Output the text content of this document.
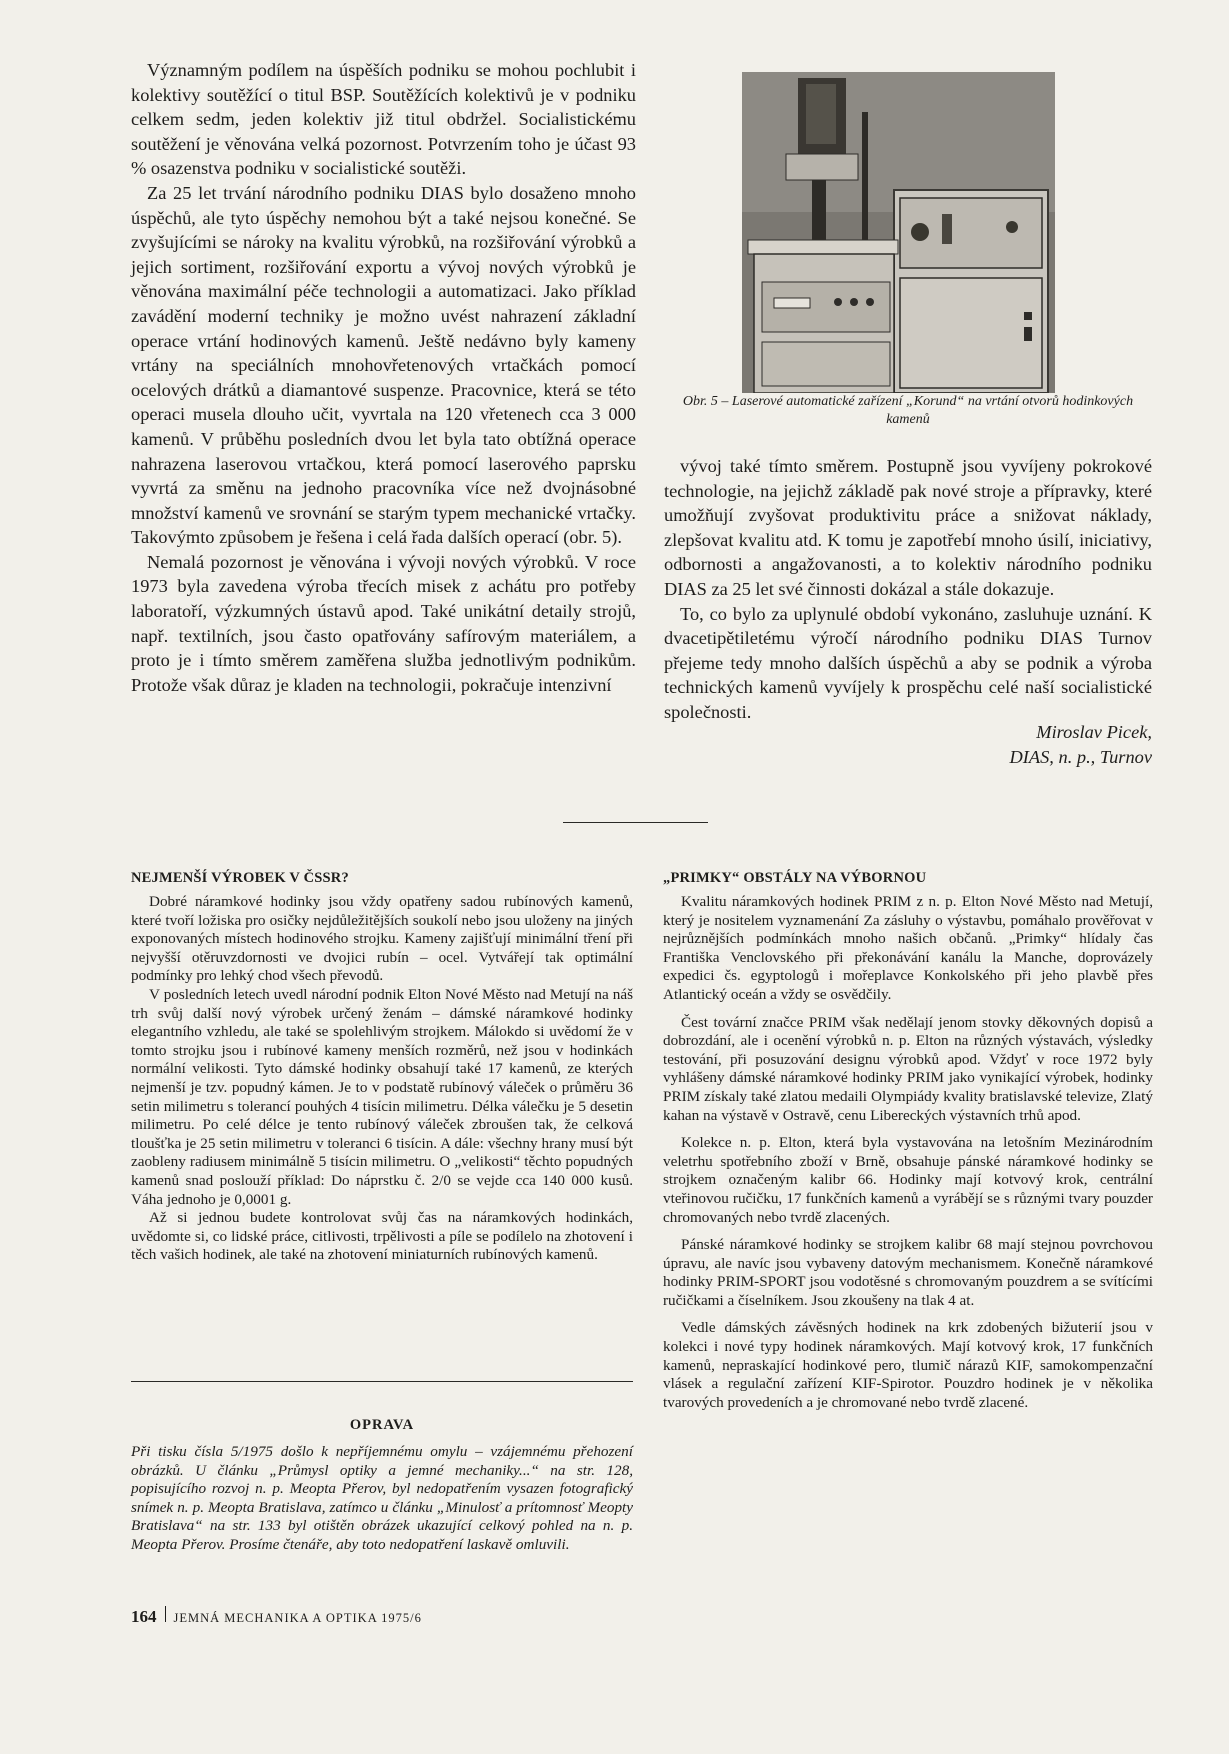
Významným podílem na úspěších podniku se mohou pochlubit i kolektivy soutěžící o titul BSP. Soutěžících kolektivů je v podniku celkem sedm, jeden kolektiv již titul obdržel. Socialistickému soutěžení je věnována velká pozornost. Potvrzením toho je účast 93 % osazenstva podniku v socialistické soutěži.

Za 25 let trvání národního podniku DIAS bylo dosaženo mnoho úspěchů, ale tyto úspěchy nemohou být a také nejsou konečné. Se zvyšujícími se nároky na kvalitu výrobků, na rozšiřování výrobků a jejich sortiment, rozšiřování exportu a vývoj nových výrobků je věnována maximální péče technologii a automatizaci. Jako příklad zavádění moderní techniky je možno uvést nahrazení základní operace vrtání hodinových kamenů. Ještě nedávno byly kameny vrtány na speciálních mnohovřetenových vrtačkách pomocí ocelových drátků a diamantové suspenze. Pracovnice, která se této operaci musela dlouho učit, vyvrtala na 120 vřetenech cca 3 000 kamenů. V průběhu posledních dvou let byla tato obtížná operace nahrazena laserovou vrtačkou, která pomocí laserového paprsku vyvrtá za směnu na jednoho pracovníka více než dvojnásobné množství kamenů ve srovnání se starým typem mechanické vrtačky. Takovýmto způsobem je řešena i celá řada dalších operací (obr. 5).

Nemalá pozornost je věnována i vývoji nových výrobků. V roce 1973 byla zavedena výroba třecích misek z achátu pro potřeby laboratoří, výzkumných ústavů apod. Také unikátní detaily strojů, např. textilních, jsou často opatřovány safírovým materiálem, a proto je i tímto směrem zaměřena služba jednotlivým podnikům. Protože však důraz je kladen na technologii, pokračuje intenzivní

Obr. 5 – Laserové automatické zařízení „Korund“ na vrtání otvorů hodinkových kamenů

vývoj také tímto směrem. Postupně jsou vyvíjeny pokrokové technologie, na jejichž základě pak nové stroje a přípravky, které umožňují zvyšovat produktivitu práce a snižovat náklady, zlepšovat kvalitu atd. K tomu je zapotřebí mnoho úsilí, iniciativy, odbornosti a angažovanosti, a to kolektiv národního podniku DIAS za 25 let své činnosti dokázal a stále dokazuje.

To, co bylo za uplynulé období vykonáno, zasluhuje uznání. K dvacetipětiletému výročí národního podniku DIAS Turnov přejeme tedy mnoho dalších úspěchů a aby se podnik a výroba technických kamenů vyvíjely k prospěchu celé naší socialistické společnosti.

Miroslav Picek,
DIAS, n. p., Turnov
NEJMENŠÍ VÝROBEK V ČSSR?	„PRIMKY“ OBSTÁLY NA VÝBORNOU

Dobré náramkové hodinky jsou vždy opatřeny sadou rubínových kamenů, které tvoří ložiska pro osičky nejdůležitějších soukolí nebo jsou uloženy na jiných exponovaných místech hodinového strojku. Kameny zajišťují minimální tření při nejvyšší otěruvzdornosti ve dvojici rubín – ocel. Vytvářejí tak optimální podmínky pro lehký chod všech převodů.

V posledních letech uvedl národní podnik Elton Nové Město nad Metují na náš trh svůj další nový výrobek určený ženám – dámské náramkové hodinky elegantního vzhledu, ale také se spolehlivým strojkem. Málokdo si uvědomí že v tomto strojku jsou i rubínové kameny menších rozměrů, než jsou v hodinkách normální velikosti. Tyto dámské hodinky obsahují také 17 kamenů, ze kterých nejmenší je tzv. popudný kámen. Je to v podstatě rubínový váleček o průměru 36 setin milimetru s tolerancí pouhých 4 tisícin milimetru. Délka válečku je 5 desetin milimetru. Po celé délce je tento rubínový váleček zbroušen tak, že celková tloušťka je 25 setin milimetru v toleranci 6 tisícin. A dále: všechny hrany musí být zaobleny radiusem minimálně 5 tisícin milimetru. O „velikosti“ těchto popudných kamenů snad poslouží příklad: Do náprstku č. 2/0 se vejde cca 140 000 kusů. Váha jednoho je 0,0001 g.

Až si jednou budete kontrolovat svůj čas na náramkových hodinkách, uvědomte si, co lidské práce, citlivosti, trpělivosti a píle se podílelo na zhotovení i těch vašich hodinek, ale také na zhotovení miniaturních rubínových kamenů.

OPRAVA
Při tisku čísla 5/1975 došlo k nepříjemnému omylu – vzájemnému přehození obrázků. U článku „Průmysl optiky a jemné mechaniky...“ na str. 128, popisujícího rozvoj n. p. Meopta Přerov, byl nedopatřením vysazen fotografický snímek n. p. Meopta Bratislava, zatímco u článku „Minulosť a prítomnosť Meopty Bratislava“ na str. 133 byl otištěn obrázek ukazující celkový pohled na n. p. Meopta Přerov. Prosíme čtenáře, aby toto nedopatření laskavě omluvili.

Kvalitu náramkových hodinek PRIM z n. p. Elton Nové Město nad Metují, který je nositelem vyznamenání Za zásluhy o výstavbu, pomáhalo prověřovat v nejrůznějších podmínkách mnoho našich občanů. „Primky“ hlídaly čas Františka Venclovského při překonávání kanálu la Manche, doprovázely expedici čs. egyptologů i mořeplavce Konkolského při jeho plavbě přes Atlantický oceán a vždy se osvědčily.

Čest tovární značce PRIM však nedělají jenom stovky děkovných dopisů a dobrozdání, ale i ocenění výrobků n. p. Elton na různých výstavách, výsledky testování, při posuzování designu výrobků apod. Vždyť v roce 1972 byly vyhlášeny dámské náramkové hodinky PRIM jako vynikající výrobek, hodinky PRIM získaly také zlatou medaili Olympiády kvality bratislavské televize, Zlatý kahan na výstavě v Ostravě, cenu Libereckých výstavních trhů apod.

Kolekce n. p. Elton, která byla vystavována na letošním Mezinárodním veletrhu spotřebního zboží v Brně, obsahuje pánské náramkové hodinky se strojkem označeným kalibr 66. Hodinky mají kotvový krok, centrální vteřinovou ručičku, 17 funkčních kamenů a vyrábějí se s různými tvary pouzder chromovaných nebo tvrdě zlacených.

Pánské náramkové hodinky se strojkem kalibr 68 mají stejnou povrchovou úpravu, ale navíc jsou vybaveny datovým mechanismem. Konečně náramkové hodinky PRIM-SPORT jsou vodotěsné s chromovaným pouzdrem a se svítícími ručičkami a číselníkem. Jsou zkoušeny na tlak 4 at.

Vedle dámských závěsných hodinek na krk zdobených bižuterií jsou v kolekci i nové typy hodinek náramkových. Mají kotvový krok, 17 funkčních kamenů, nepraskající hodinkové pero, tlumič nárazů KIF, samokompenzační vlásek a regulační zařízení KIF-Spirotor. Pouzdro hodinek je v několika tvarových provedeních a je chromované nebo tvrdě zlacené.

164 JEMNÁ MECHANIKA A OPTIKA 1975/6
